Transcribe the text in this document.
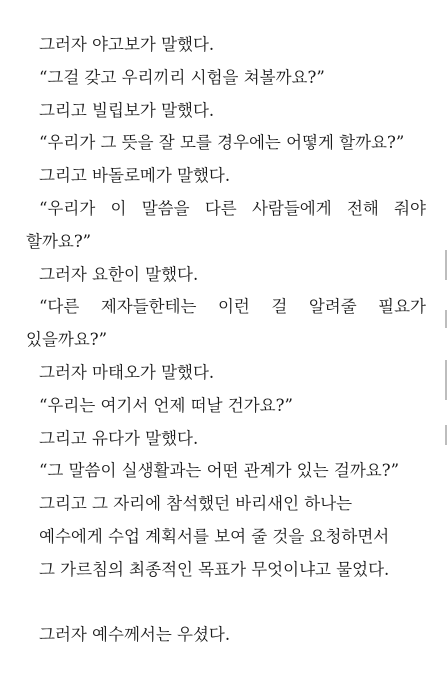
그러자 야고보가 말했다.

“그걸 갖고 우리끼리 시험을 쳐볼까요?”

그리고 빌립보가 말했다.

“우리가 그 뜻을 잘 모를 경우에는 어떻게 할까요?”

그리고 바돌로메가 말했다.

“우리가 이 말씀을 다른 사람들에게 전해 줘야 할까요?”

그러자 요한이 말했다.

“다른 제자들한테는 이런 걸 알려줄 필요가 있을까요?”

그러자 마태오가 말했다.

“우리는 여기서 언제 떠날 건가요?”

그리고 유다가 말했다.

“그 말씀이 실생활과는 어떤 관계가 있는 걸까요?”

그리고 그 자리에 참석했던 바리새인 하나는

예수에게 수업 계획서를 보여 줄 것을 요청하면서

그 가르침의 최종적인 목표가 무엇이냐고 물었다.

그러자 예수께서는 우셨다.
